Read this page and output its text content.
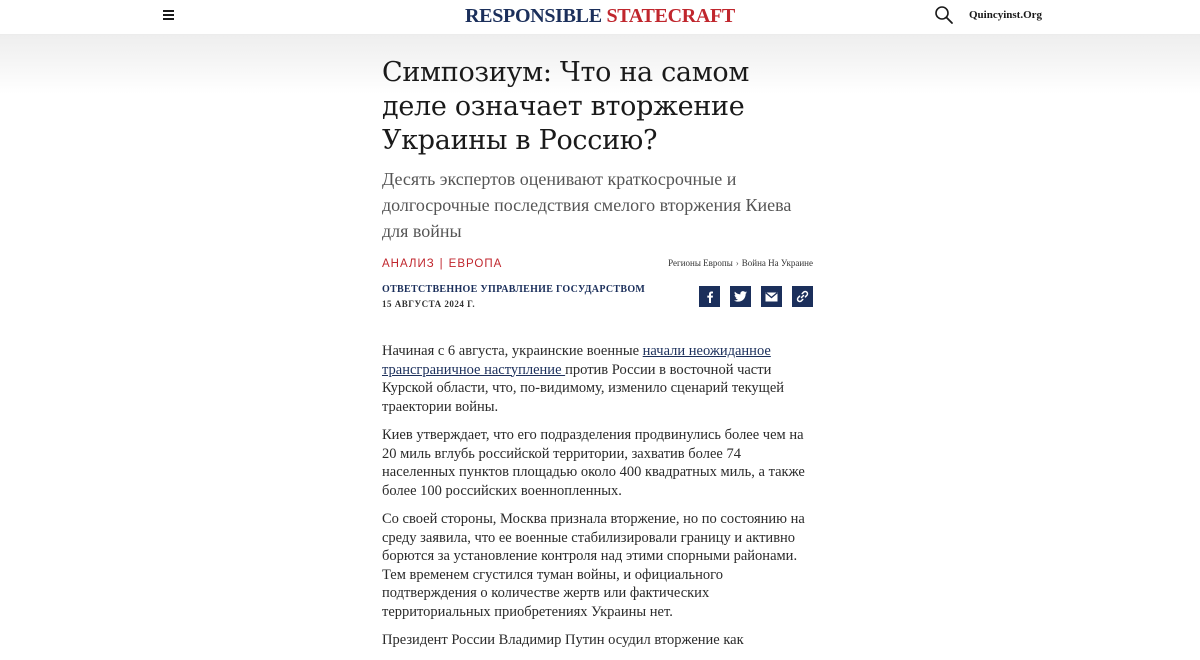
RESPONSIBLE STATECRAFT	Quincyinst.Org
Симпозиум: Что на самом деле означает вторжение Украины в Россию?

Десять экспертов оценивают краткосрочные и долгосрочные последствия смелого вторжения Киева для войны

АНАЛИЗ | ЕВРОПА	Регионы Европы › Война На Украине
ОТВЕТСТВЕННОЕ УПРАВЛЕНИЕ ГОСУДАРСТВОМ
15 АВГУСТА 2024 Г.

Начиная с 6 августа, украинские военные начали неожиданное трансграничное наступление против России в восточной части Курской области, что, по-видимому, изменило сценарий текущей траектории войны.

Киев утверждает, что его подразделения продвинулись более чем на 20 миль вглубь российской территории, захватив более 74 населенных пунктов площадью около 400 квадратных миль, а также более 100 российских военнопленных.

Со своей стороны, Москва признала вторжение, но по состоянию на среду заявила, что ее военные стабилизировали границу и активно борются за установление контроля над этими спорными районами. Тем временем сгустился туман войны, и официального подтверждения о количестве жертв или фактических территориальных приобретениях Украины нет.

Президент России Владимир Путин осудил вторжение как
